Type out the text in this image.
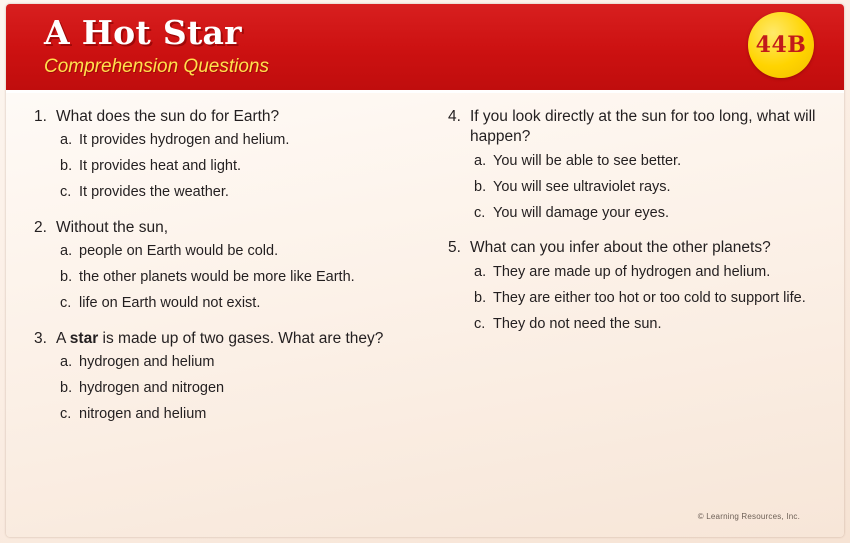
A Hot Star
Comprehension Questions
44B
1. What does the sun do for Earth?
a. It provides hydrogen and helium.
b. It provides heat and light.
c. It provides the weather.
2. Without the sun,
a. people on Earth would be cold.
b. the other planets would be more like Earth.
c. life on Earth would not exist.
3. A star is made up of two gases. What are they?
a. hydrogen and helium
b. hydrogen and nitrogen
c. nitrogen and helium
4. If you look directly at the sun for too long, what will happen?
a. You will be able to see better.
b. You will see ultraviolet rays.
c. You will damage your eyes.
5. What can you infer about the other planets?
a. They are made up of hydrogen and helium.
b. They are either too hot or too cold to support life.
c. They do not need the sun.
© Learning Resources, Inc.
